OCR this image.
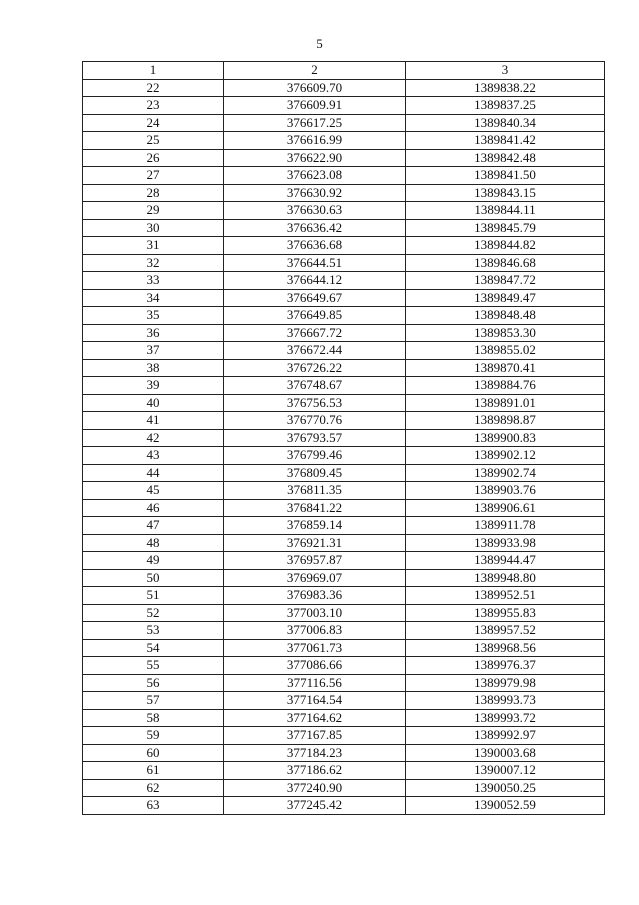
5
1	2	3
22	376609.70	1389838.22
23	376609.91	1389837.25
24	376617.25	1389840.34
25	376616.99	1389841.42
26	376622.90	1389842.48
27	376623.08	1389841.50
28	376630.92	1389843.15
29	376630.63	1389844.11
30	376636.42	1389845.79
31	376636.68	1389844.82
32	376644.51	1389846.68
33	376644.12	1389847.72
34	376649.67	1389849.47
35	376649.85	1389848.48
36	376667.72	1389853.30
37	376672.44	1389855.02
38	376726.22	1389870.41
39	376748.67	1389884.76
40	376756.53	1389891.01
41	376770.76	1389898.87
42	376793.57	1389900.83
43	376799.46	1389902.12
44	376809.45	1389902.74
45	376811.35	1389903.76
46	376841.22	1389906.61
47	376859.14	1389911.78
48	376921.31	1389933.98
49	376957.87	1389944.47
50	376969.07	1389948.80
51	376983.36	1389952.51
52	377003.10	1389955.83
53	377006.83	1389957.52
54	377061.73	1389968.56
55	377086.66	1389976.37
56	377116.56	1389979.98
57	377164.54	1389993.73
58	377164.62	1389993.72
59	377167.85	1389992.97
60	377184.23	1390003.68
61	377186.62	1390007.12
62	377240.90	1390050.25
63	377245.42	1390052.59
